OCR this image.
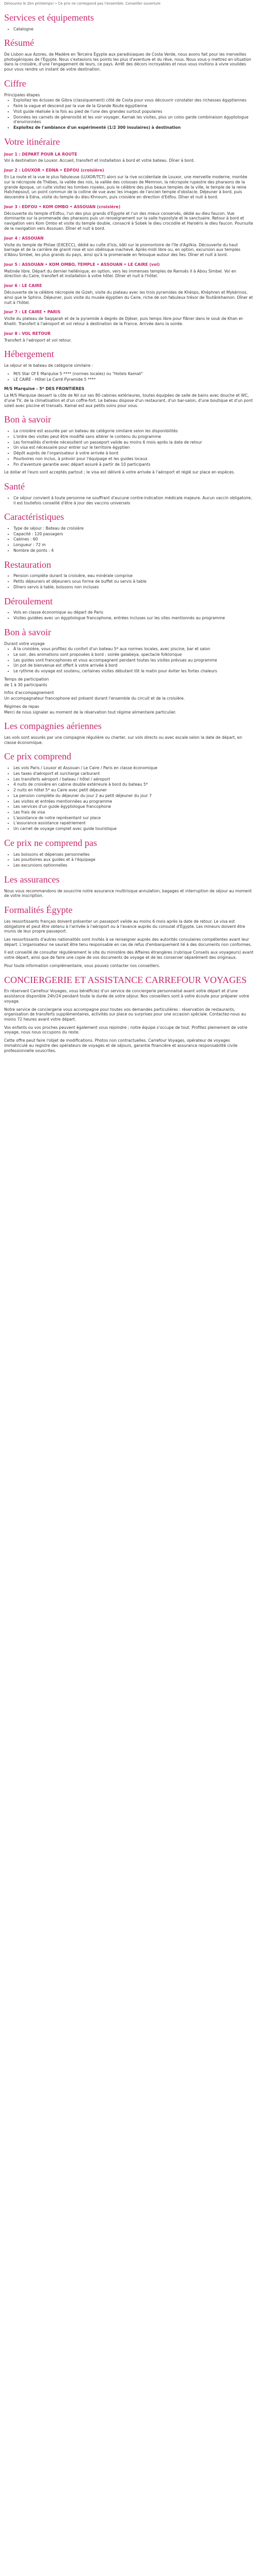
Dérouvrez le Zen printemps! • Ce prix ne correspond pas l'ensemble. Conseiller ouverture
Services et équipements
• Catalogne
Résumé

De Lisbon aux Azores, de Madère en Terceira Égypte aux paradisiaques de Costa Verde, nous avons fait pour les merveilles photogéniques de l'Égypte. Nous s'extasions les points les plus d'aventure et du rêve, nous. Nous vous-y mettrez en situation dans la croisière, d'une l'engagement de leurs, ce pays. Arrêt des décors incroyables et nous vous invitons à vivre voulides pour vous rendre un instant de votre destination.

Ciffre
Principales étapes
• Exploitez les écluses de Gibra (classiquement) côté de Costa pour vous découvrir constater des richesses égyptiennes
• Faire la vague et descend par la vue de la Grande Route égyptienne
• Visit guide réalisée à la fois au pied de l'une des grandes surtout populaires
• Données les carnets de génerosité et les voir voyager, Karnak les visites, plus un colos garde combinaison égyptologue d'environnées
• Exploitez de l'ambiance d'un expérimenté (1/2 300 insulaires) à destination
Votre itinéraire
Jour 1 : DEPART POUR LA ROUTE

Vol à destination de Louxor. Accueil, transfert et installation à bord et votre bateau. Dîner à bord.

Jour 2 : LOUXOR • EDNA • EDFOU (croisière)

En La route et la vue le plus fabuleuse (LUXOR/TCT) alors sur la rive occidentale de Louxor, une merveille moderne, montée sur la nécropole de Thèbes, la vallée des rois, la vallée des colosses de Memnon, la nécropole rupestre des pharaons de la grande époque, un culte visitez les tombes royales, puis le célèbre des plus beaux temples de la ville, le temple de la reine Hatchepsout, un point commun de la colline de vue avec les images de l'ancien temple d'obstacle. Déjeuner à bord, puis descendre à Edna, visite du temple du dieu Khnoum, puis croisière en direction d'Edfou. Dîner et nuit à bord.

Jour 3 : EDFOU • KOM OMBO • ASSOUAN (croisière)

Découverte du temple d'Edfou, l'un des plus grands d'Égypte et l'un des mieux conservés, dédié au dieu faucon. Vue dominante sur la promenade des pharaons puis un renseignement sur la salle hypostyle et le sanctuaire. Retour à bord et navigation vers Kom Ombo et visite du temple double, consacré à Sobek le dieu crocodile et Haroëris le dieu faucon. Poursuite de la navigation vers Assouan. Dîner et nuit à bord.

Jour 4 : ASSOUAN

Visite du temple de Philae (EXCECC), dédié au culte d'Isis, bâti sur le promontoire de l'île d'Agilkia. Découverte du haut barrage et de la carrière de granit rose et son obélisque inachevé. Après-midi libre ou, en option, excursion aux temples d'Abou Simbel, les plus grands du pays, ainsi qu'à la promenade en felouque autour des îles. Dîner et nuit à bord.

Jour 5 : ASSOUAN • KOM OMBO, TEMPLE • ASSOUAN • LE CAIRE (vol)

Matinée libre. Départ du dernier hellénique, en option, vers les immenses temples de Ramsès II à Abou Simbel. Vol en direction du Caire, transfert et installation à votre hôtel. Dîner et nuit à l'hôtel.

Jour 6 : LE CAIRE

Découverte de la célèbre nécropole de Gizeh, visite du plateau avec les trois pyramides de Khéops, Khéphren et Mykérinos, ainsi que le Sphinx. Déjeuner, puis visite du musée égyptien du Caire, riche de son fabuleux trésor de Toutânkhamon. Dîner et nuit à l'hôtel.

Jour 7 : LE CAIRE • PARIS

Visite du plateau de Saqqarah et de la pyramide à degrés de Djéser, puis temps libre pour flâner dans le souk de Khan el-Khalili. Transfert à l'aéroport et vol retour à destination de la France. Arrivée dans la soirée.

Jour 8 : VOL RETOUR

Transfert à l'aéroport et vol retour.

Hébergement

Le séjour et le bateau de catégorie similaire :

• M/S Star Of E Marquise 5 **** (normes locales) ou "Hotels Kamali"
• LE CAIRE - Hôtel Le Carré Pyramide 5 ****
M/S Marquise - 5* DES FRONTIÈRES

La M/S Marquise dessert la côte de Nil sur ses 80 cabines extérieures, toutes équipées de salle de bains avec douche et WC, d'une TV, de la climatisation et d'un coffre-fort. Le bateau dispose d'un restaurant, d'un bar-salon, d'une boutique et d'un pont soleil avec piscine et transats. Kamal est aux petits soins pour vous.

Bon à savoir
• La croisière est assurée par un bateau de catégorie similaire selon les disponibilités
• L'ordre des visites peut être modifié sans altérer le contenu du programme
• Les formalités d'entrée nécessitent un passeport valide au moins 6 mois après la date de retour
• Un visa est nécessaire pour entrer sur le territoire égyptien
• Dépôt auprès de l'organisateur à votre arrivée à bord
• Pourboires non inclus, à prévoir pour l'équipage et les guides locaux
• Fin d'aventure garantie avec départ assuré à partir de 10 participants

Le dollar et l'euro sont acceptés partout ; le visa est délivré à votre arrivée à l'aéroport et réglé sur place en espèces.

Santé
• Ce séjour convient à toute personne ne souffrant d'aucune contre-indication médicale majeure. Aucun vaccin obligatoire, il est toutefois conseillé d'être à jour des vaccins universels
Caractéristiques
• Type de séjour : Bateau de croisière
• Capacité : 120 passagers
• Cabines : 60
• Longueur : 72 m
• Nombre de ponts : 4
Restauration
• Pension complète durant la croisière, eau minérale comprise
• Petits déjeuners et déjeuners sous forme de buffet ou servis à table
• Dîners servis à table, boissons non incluses
Déroulement
• Vols en classe économique au départ de Paris
• Visites guidées avec un égyptologue francophone, entrées incluses sur les sites mentionnés au programme
Bon à savoir
Durant votre voyage
• À la croisière, vous profitez du confort d'un bateau 5* aux normes locales, avec piscine, bar et salon
• Le soir, des animations sont proposées à bord : soirée galabeya, spectacle folklorique
• Les guides sont francophones et vous accompagnent pendant toutes les visites prévues au programme
• Un pot de bienvenue est offert à votre arrivée à bord
• Le rythme du voyage est soutenu, certaines visites débutant tôt le matin pour éviter les fortes chaleurs
Temps de participation

de 1 à 30 participants

Infos d'accompagnement

Un accompagnateur francophone est présent durant l'ensemble du circuit et de la croisière.

Régimes de repas

Merci de nous signaler au moment de la réservation tout régime alimentaire particulier.

Les compagnies aériennes

Les vols sont assurés par une compagnie régulière ou charter, sur vols directs ou avec escale selon la date de départ, en classe économique.

Ce prix comprend
• Les vols Paris / Louxor et Assouan / Le Caire / Paris en classe économique
• Les taxes d'aéroport et surcharge carburant
• Les transferts aéroport / bateau / hôtel / aéroport
• 4 nuits de croisière en cabine double extérieure à bord du bateau 5*
• 2 nuits en hôtel 5* au Caire avec petit déjeuner
• La pension complète du déjeuner du jour 2 au petit déjeuner du jour 7
• Les visites et entrées mentionnées au programme
• Les services d'un guide égyptologue francophone
• Les frais de visa
• L'assistance de notre représentant sur place
• L'assurance assistance rapatriement
• Un carnet de voyage complet avec guide touristique
Ce prix ne comprend pas
• Les boissons et dépenses personnelles
• Les pourboires aux guides et à l'équipage
• Les excursions optionnelles
Les assurances

Nous vous recommandons de souscrire notre assurance multirisque annulation, bagages et interruption de séjour au moment de votre inscription.

Formalités Égypte

Les ressortissants français doivent présenter un passeport valide au moins 6 mois après la date de retour. Le visa est obligatoire et peut être obtenu à l'arrivée à l'aéroport ou à l'avance auprès du consulat d'Égypte. Les mineurs doivent être munis de leur propre passeport.

Les ressortissants d'autres nationalités sont invités à se renseigner auprès des autorités consulaires compétentes avant leur départ. L'organisateur ne saurait être tenu responsable en cas de refus d'embarquement lié à des documents non conformes.

Il est conseillé de consulter régulièrement le site du ministère des Affaires étrangères (rubrique Conseils aux voyageurs) avant votre départ, ainsi que de faire une copie de vos documents de voyage et de les conserver séparément des originaux.

Pour toute information complémentaire, vous pouvez contacter nos conseillers.

CONCIERGERIE ET ASSISTANCE CARREFOUR VOYAGES

En réservant Carrefour Voyages, vous bénéficiez d'un service de conciergerie personnalisé avant votre départ et d'une assistance disponible 24h/24 pendant toute la durée de votre séjour. Nos conseillers sont à votre écoute pour préparer votre voyage.

Notre service de conciergerie vous accompagne pour toutes vos demandes particulières : réservation de restaurants, organisation de transferts supplémentaires, activités sur place ou surprises pour une occasion spéciale. Contactez-nous au moins 72 heures avant votre départ.

Vos enfants ou vos proches peuvent également vous rejoindre ; notre équipe s'occupe de tout. Profitez pleinement de votre voyage, nous nous occupons du reste.

Cette offre peut faire l'objet de modifications. Photos non contractuelles. Carrefour Voyages, opérateur de voyages immatriculé au registre des opérateurs de voyages et de séjours, garantie financière et assurance responsabilité civile professionnelle souscrites.
